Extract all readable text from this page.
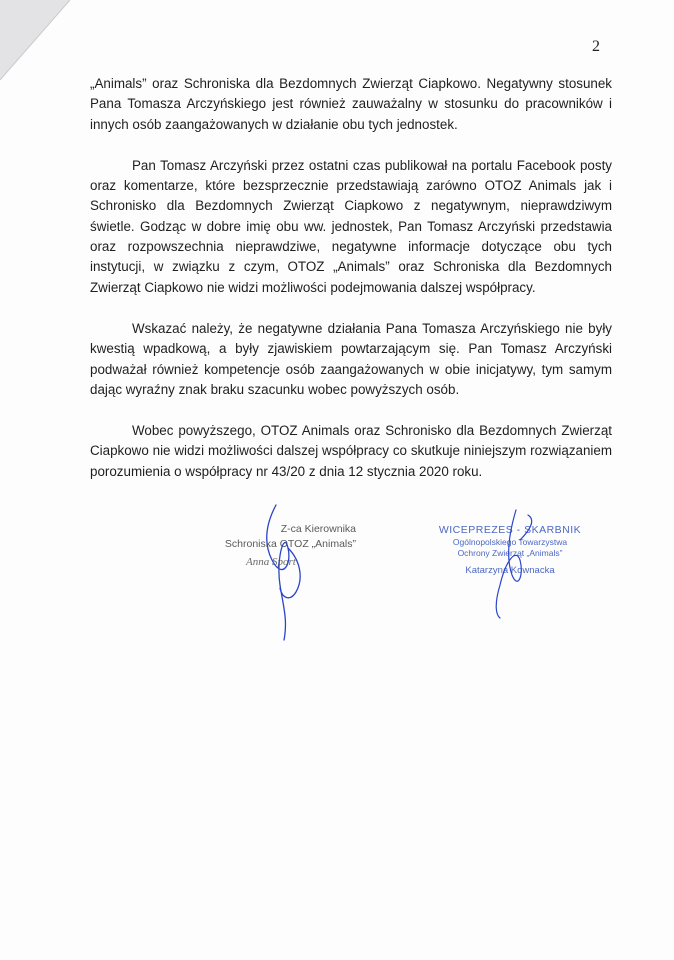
2

„Animals” oraz Schroniska dla Bezdomnych Zwierząt Ciapkowo. Negatywny stosunek Pana Tomasza Arczyńskiego jest również zauważalny w stosunku do pracowników i innych osób zaangażowanych w działanie obu tych jednostek.

Pan Tomasz Arczyński przez ostatni czas publikował na portalu Facebook posty oraz komentarze, które bezsprzecznie przedstawiają zarówno OTOZ Animals jak i Schronisko dla Bezdomnych Zwierząt Ciapkowo z negatywnym, nieprawdziwym świetle. Godząc w dobre imię obu ww. jednostek, Pan Tomasz Arczyński przedstawia oraz rozpowszechnia nieprawdziwe, negatywne informacje dotyczące obu tych instytucji, w związku z czym, OTOZ „Animals” oraz Schroniska dla Bezdomnych Zwierząt Ciapkowo nie widzi możliwości podejmowania dalszej współpracy.

Wskazać należy, że negatywne działania Pana Tomasza Arczyńskiego nie były kwestią wpadkową, a były zjawiskiem powtarzającym się. Pan Tomasz Arczyński podważał również kompetencje osób zaangażowanych w obie inicjatywy, tym samym dając wyraźny znak braku szacunku wobec powyższych osób.

Wobec powyższego, OTOZ Animals oraz Schronisko dla Bezdomnych Zwierząt Ciapkowo nie widzi możliwości dalszej współpracy co skutkuje niniejszym rozwiązaniem porozumienia o współpracy nr 43/20 z dnia 12 stycznia 2020 roku.

Z-ca Kierownika
Schroniska OTOZ „Animals”
Anna Sport
WICEPREZES - SKARBNIK
Ogólnopolskiego Towarzystwa
Ochrony Zwierząt „Animals”
Katarzyna Kownacka
